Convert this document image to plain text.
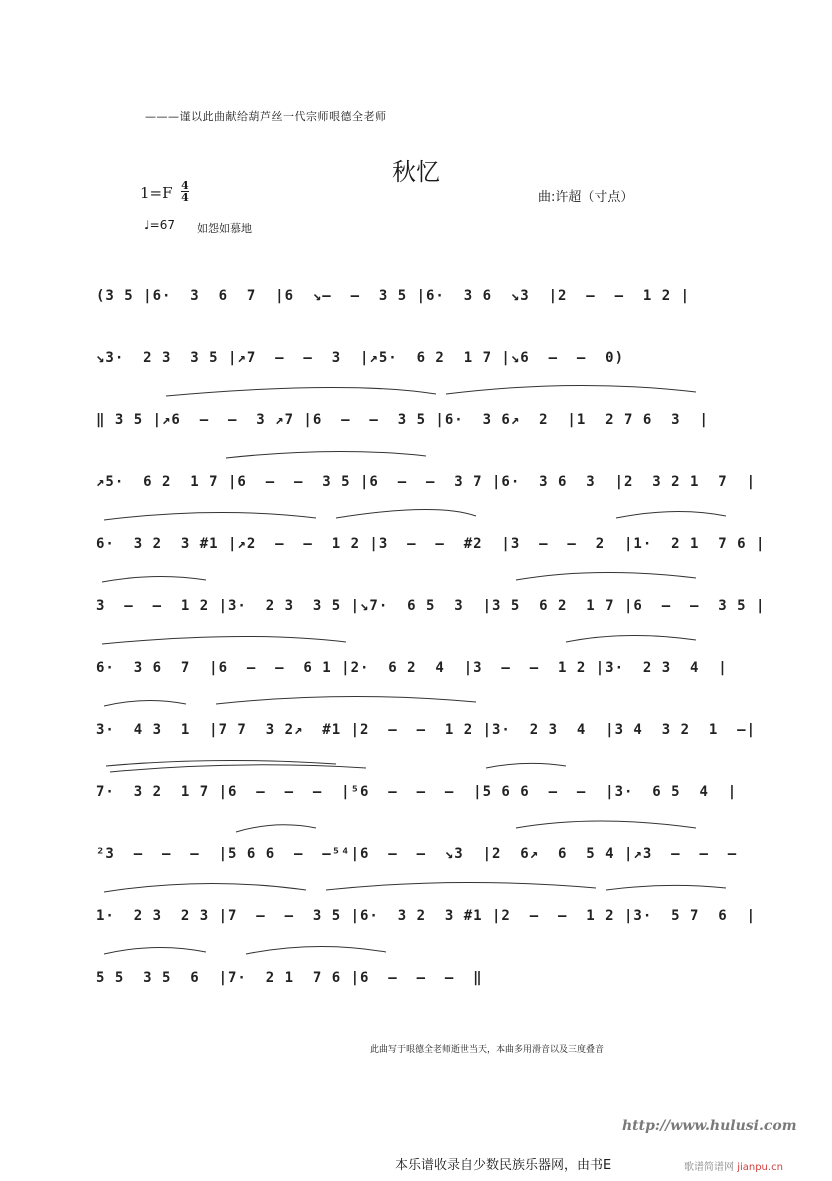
———谨以此曲献给葫芦丝一代宗师哏德全老师
秋忆
1=F 4
4	曲:许超（寸点）
♩=67 如怨如慕地
(3 5 |6·  3  6  7  |6  ↘–  –  3 5 |6·  3 6  ↘3  |2  –  –  1 2 |
↘3·  2 3  3 5 |↗7  –  –  3  |↗5·  6 2  1 7 |↘6  –  –  0)
‖ 3 5 |↗6  –  –  3 ↗7 |6  –  –  3 5 |6·  3 6↗  2  |1  2 7 6  3  |
↗5·  6 2  1 7 |6  –  –  3 5 |6  –  –  3 7 |6·  3 6  3  |2  3 2 1  7  |
6·  3 2  3 #1 |↗2  –  –  1 2 |3  –  –  #2  |3  –  –  2  |1·  2 1  7 6 |
3  –  –  1 2 |3·  2 3  3 5 |↘7·  6 5  3  |3 5  6 2  1 7 |6  –  –  3 5 |
6·  3 6  7  |6  –  –  6 1 |2·  6 2  4  |3  –  –  1 2 |3·  2 3  4  |
3·  4 3  1  |7 7  3 2↗  #1 |2  –  –  1 2 |3·  2 3  4  |3 4  3 2  1  –|
7·  3 2  1 7 |6  –  –  –  |⁵6  –  –  –  |5 6 6  –  –  |3·  6 5  4  |
²3  –  –  –  |5 6 6  –  –⁵⁴|6  –  –  ↘3  |2  6↗  6  5 4 |↗3  –  –  –
1·  2 3  2 3 |7  –  –  3 5 |6·  3 2  3 #1 |2  –  –  1 2 |3·  5 7  6  |
5 5  3 5  6  |7·  2 1  7 6 |6  –  –  –  ‖
此曲写于哏德全老师逝世当天，本曲多用滑音以及三度叠音
http://www.hulusi.com
本乐谱收录自少数民族乐器网，由书E	歌谱简谱网 jianpu.cn
